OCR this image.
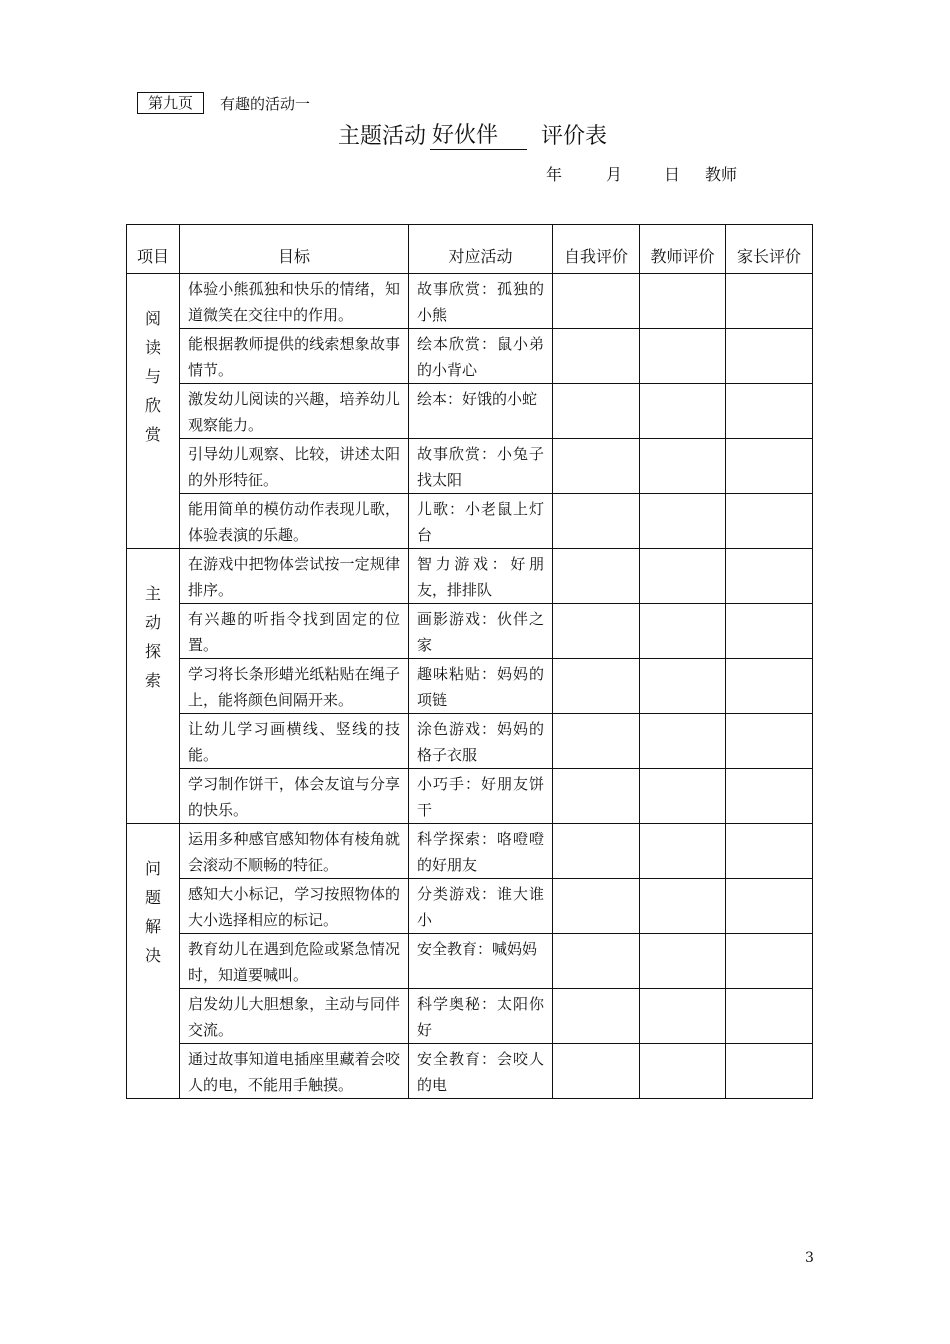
第九页	有趣的活动一
主题活动 好伙伴	评价表
年	月	日	教师
项目	目标	对应活动	自我评价	教师评价	家长评价

阅
读
与
欣
赏	体验小熊孤独和快乐的情绪，知道微笑在交往中的作用。	故事欣赏：孤独的小熊			
	能根据教师提供的线索想象故事情节。	绘本欣赏：鼠小弟的小背心			
	激发幼儿阅读的兴趣，培养幼儿观察能力。	绘本：好饿的小蛇			
	引导幼儿观察、比较，讲述太阳的外形特征。	故事欣赏：小兔子找太阳			
	能用简单的模仿动作表现儿歌，体验表演的乐趣。	儿歌：小老鼠上灯台			

主
动
探
索	在游戏中把物体尝试按一定规律排序。	智力游戏：好朋友，排排队			
	有兴趣的听指令找到固定的位置。	画影游戏：伙伴之家			
	学习将长条形蜡光纸粘贴在绳子上，能将颜色间隔开来。	趣味粘贴：妈妈的项链			
	让幼儿学习画横线、竖线的技能。	涂色游戏：妈妈的格子衣服			
	学习制作饼干，体会友谊与分享的快乐。	小巧手：好朋友饼干			

问
题
解
决	运用多种感官感知物体有棱角就会滚动不顺畅的特征。	科学探索：咯噔噔的好朋友			
	感知大小标记，学习按照物体的大小选择相应的标记。	分类游戏：谁大谁小			
	教育幼儿在遇到危险或紧急情况时，知道要喊叫。	安全教育：喊妈妈			
	启发幼儿大胆想象，主动与同伴交流。	科学奥秘：太阳你好			
	通过故事知道电插座里藏着会咬人的电，不能用手触摸。	安全教育：会咬人的电			
3
